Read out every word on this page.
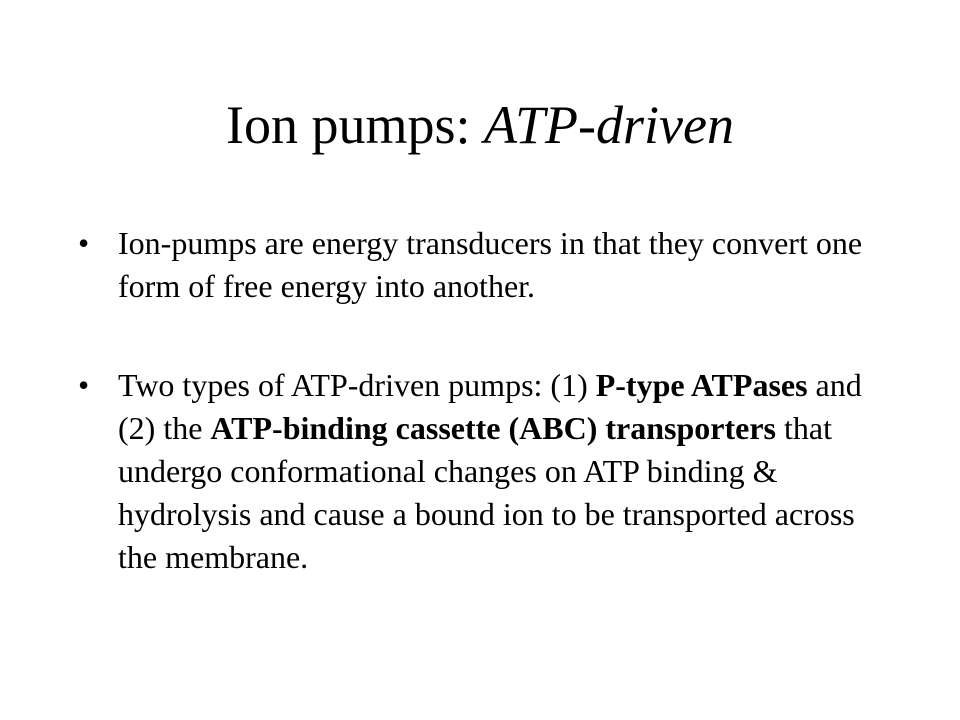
Ion pumps: ATP-driven
• Ion-pumps are energy transducers in that they convert one form of free energy into another.
• Two types of ATP-driven pumps: (1) P-type ATPases and (2) the ATP-binding cassette (ABC) transporters that undergo conformational changes on ATP binding & hydrolysis and cause a bound ion to be transported across the membrane.
